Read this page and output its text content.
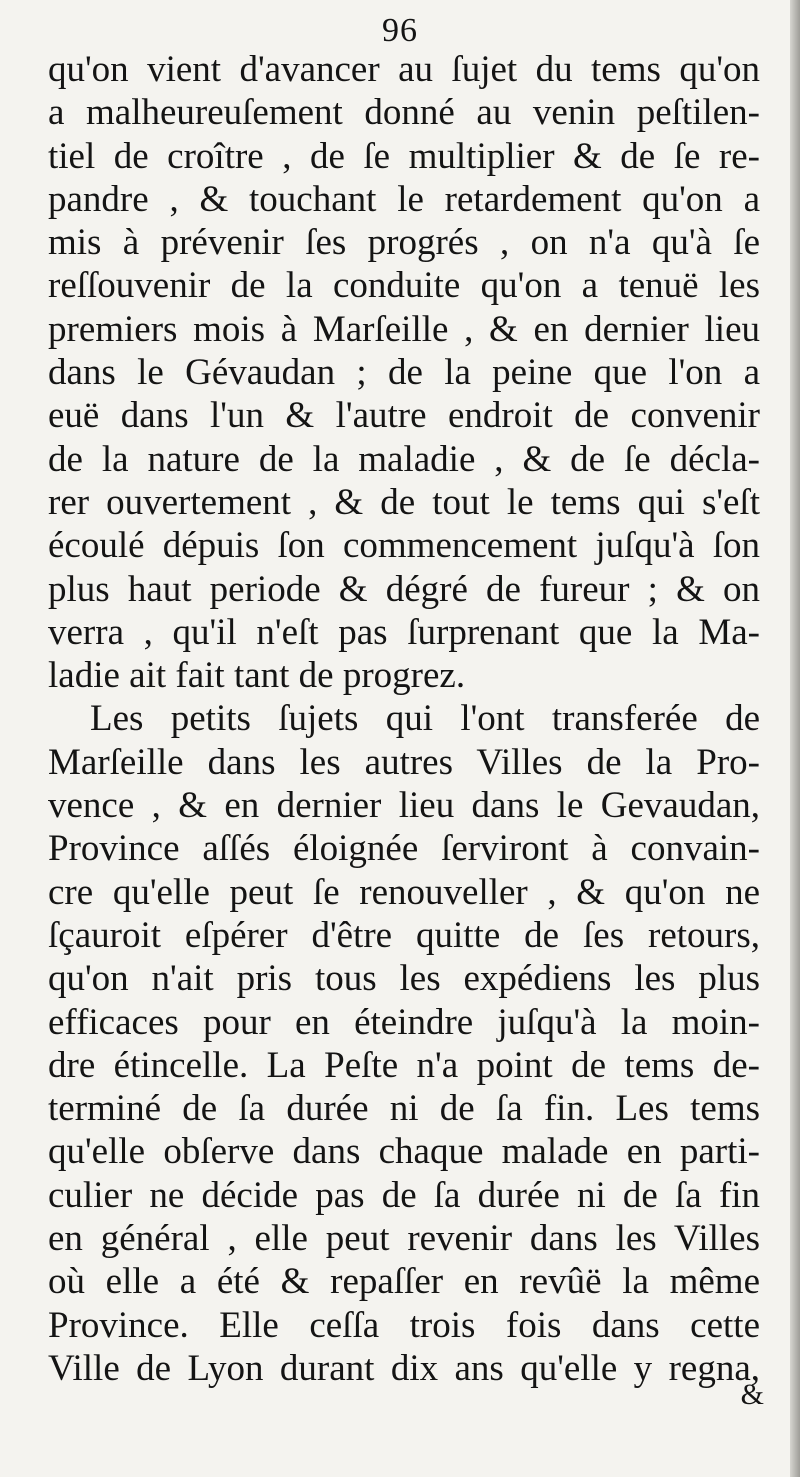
96
qu'on vient d'avancer au ſujet du tems qu'on
a malheureuſement donné au venin peſtilen-
tiel de croître , de ſe multiplier & de ſe re-
pandre , & touchant le retardement qu'on a
mis à prévenir ſes progrés , on n'a qu'à ſe
reſſouvenir de la conduite qu'on a tenuë les
premiers mois à Marſeille , & en dernier lieu
dans le Gévaudan ; de la peine que l'on a
euë dans l'un & l'autre endroit de convenir
de la nature de la maladie , & de ſe décla-
rer ouvertement , & de tout le tems qui s'eſt
écoulé dépuis ſon commencement juſqu'à ſon
plus haut periode & dégré de fureur ; & on
verra , qu'il n'eſt pas ſurprenant que la Ma-
ladie ait fait tant de progrez.
Les petits ſujets qui l'ont transferée de
Marſeille dans les autres Villes de la Pro-
vence , & en dernier lieu dans le Gevaudan,
Province aſſés éloignée ſerviront à convain-
cre qu'elle peut ſe renouveller , & qu'on ne
ſçauroit eſpérer d'être quitte de ſes retours,
qu'on n'ait pris tous les expédiens les plus
efficaces pour en éteindre juſqu'à la moin-
dre étincelle. La Peſte n'a point de tems de-
terminé de ſa durée ni de ſa fin. Les tems
qu'elle obſerve dans chaque malade en parti-
culier ne décide pas de ſa durée ni de ſa fin
en général , elle peut revenir dans les Villes
où elle a été & repaſſer en revûë la même
Province. Elle ceſſa trois fois dans cette
Ville de Lyon durant dix ans qu'elle y regna,
&
